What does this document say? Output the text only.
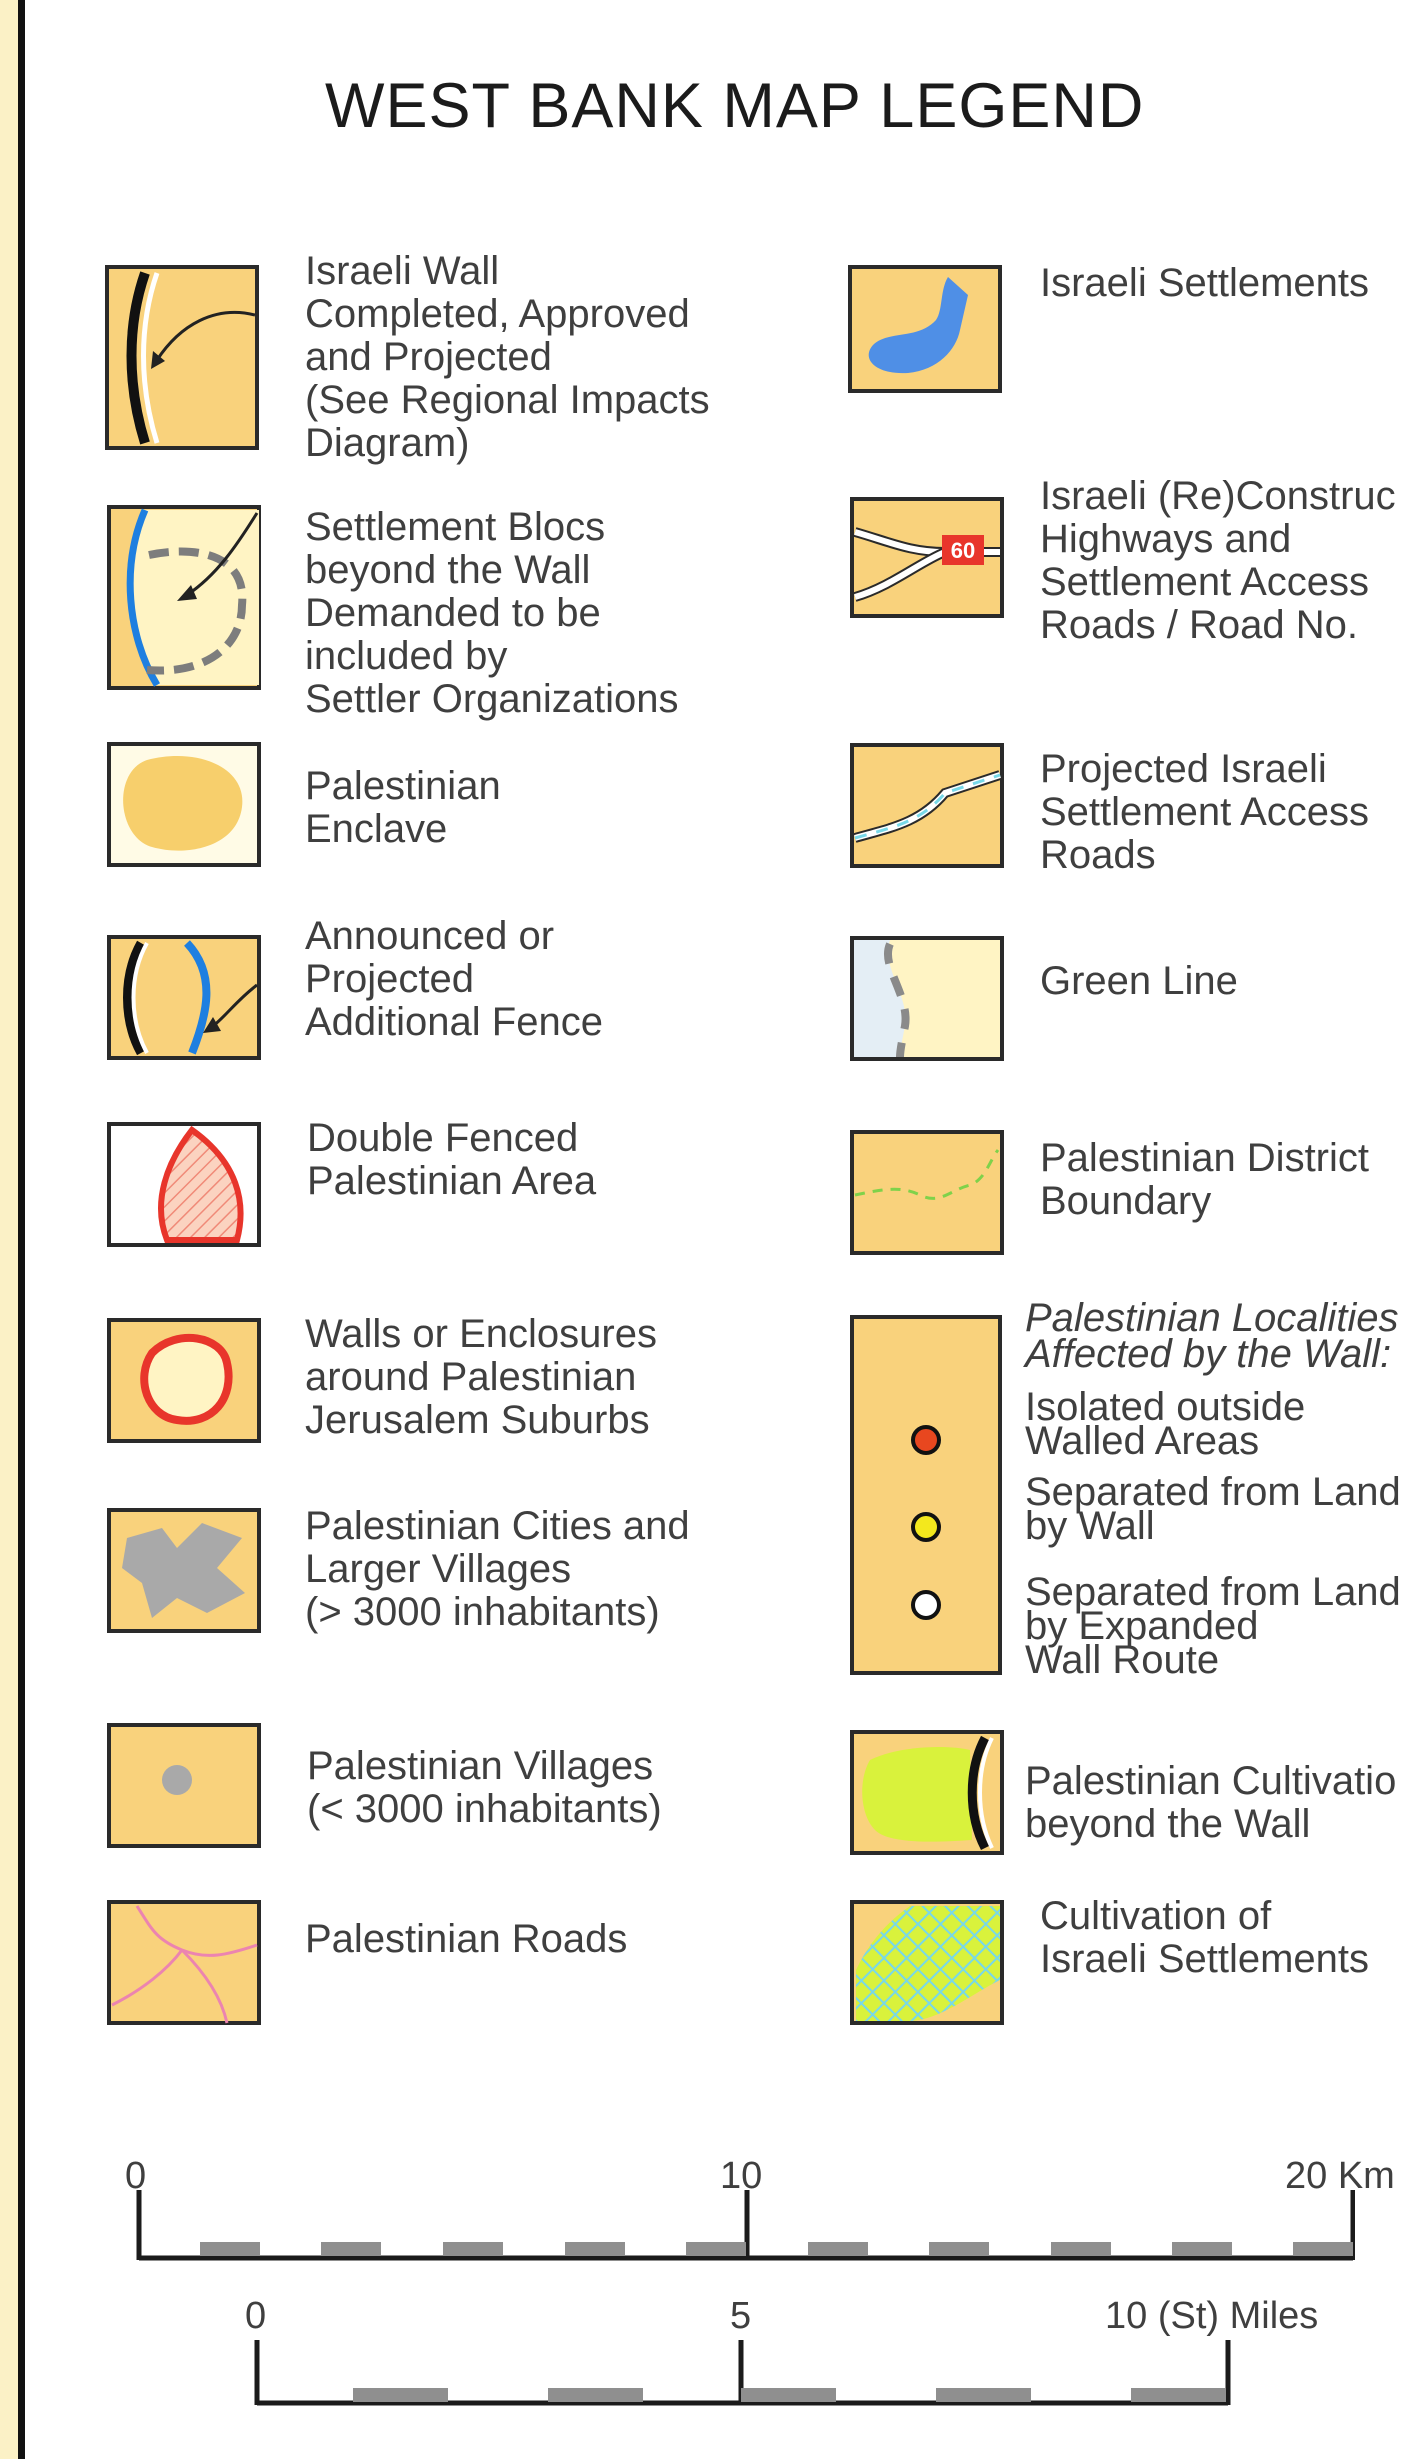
WEST BANK MAP LEGEND
Israeli Wall
Completed, Approved
and Projected
(See Regional Impacts
Diagram)
Settlement Blocs
beyond the Wall
Demanded to be
included by
Settler Organizations
Palestinian
Enclave
Announced or
Projected
Additional Fence
Double Fenced
Palestinian Area
Walls or Enclosures
around Palestinian
Jerusalem Suburbs
Palestinian Cities and
Larger Villages
(> 3000 inhabitants)
Palestinian Villages
(< 3000 inhabitants)
Palestinian Roads
Israeli Settlements
60
Israeli (Re)Construc
Highways and
Settlement Access
Roads / Road No.
Projected Israeli
Settlement Access
Roads
Green Line
Palestinian District
Boundary
Palestinian Localities
Affected by the Wall:
Isolated outside
Walled Areas
Separated from Land
by Wall
Separated from Land
by Expanded
Wall Route
Palestinian Cultivatio
beyond the Wall
Cultivation of
Israeli Settlements
0	10	20 Km
0	5	10 (St) Miles
